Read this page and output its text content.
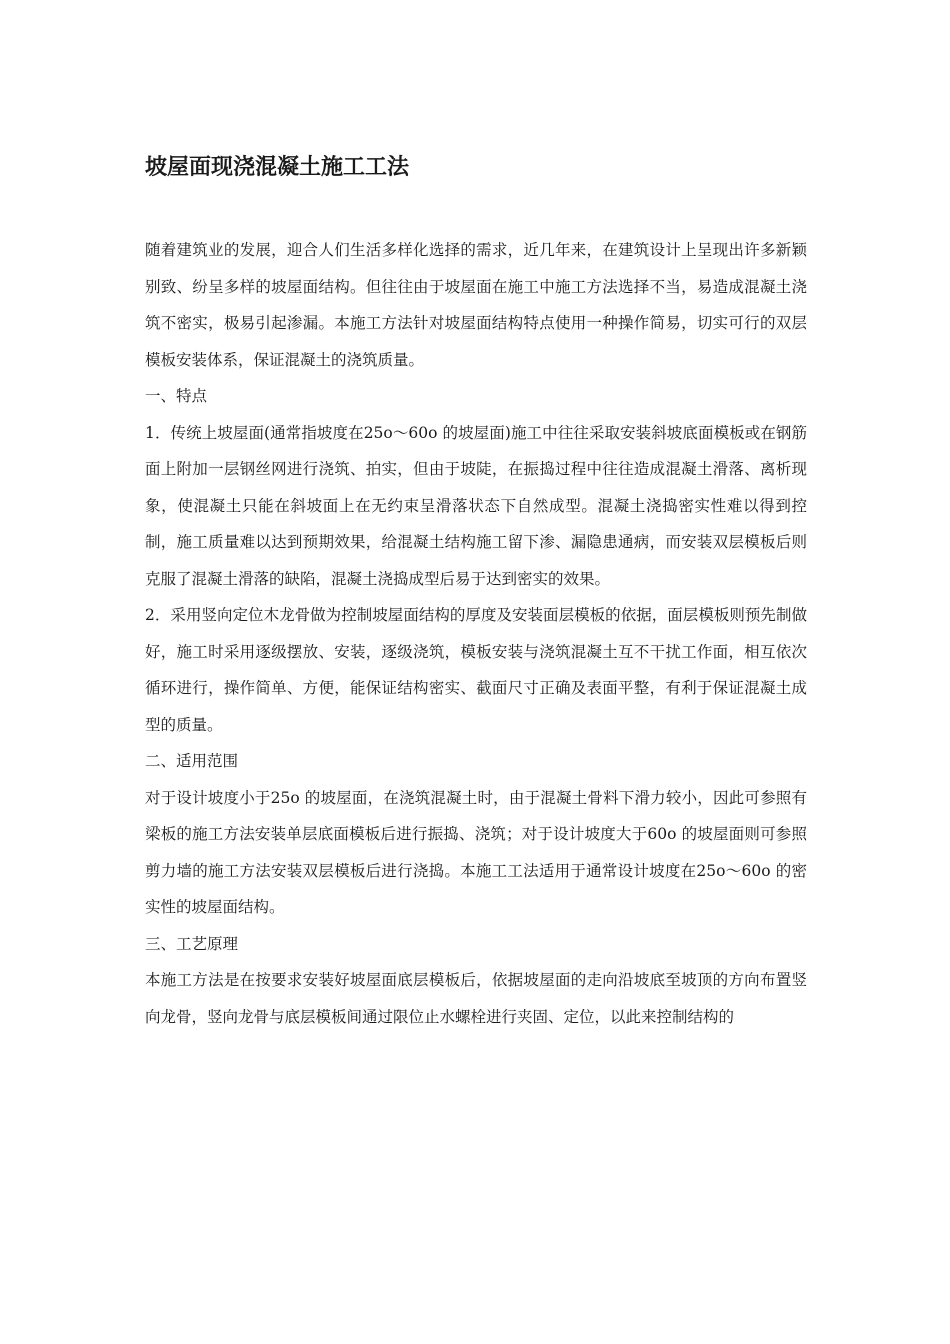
坡屋面现浇混凝土施工工法

随着建筑业的发展，迎合人们生活多样化选择的需求，近几年来，在建筑设计上呈现出许多新颖别致、纷呈多样的坡屋面结构。但往往由于坡屋面在施工中施工方法选择不当，易造成混凝土浇筑不密实，极易引起渗漏。本施工方法针对坡屋面结构特点使用一种操作简易，切实可行的双层模板安装体系，保证混凝土的浇筑质量。

一、特点

1．传统上坡屋面(通常指坡度在25o～60o 的坡屋面)施工中往往采取安装斜坡底面模板或在钢筋面上附加一层钢丝网进行浇筑、拍实，但由于坡陡，在振捣过程中往往造成混凝土滑落、离析现象，使混凝土只能在斜坡面上在无约束呈滑落状态下自然成型。混凝土浇捣密实性难以得到控制，施工质量难以达到预期效果，给混凝土结构施工留下渗、漏隐患通病，而安装双层模板后则克服了混凝土滑落的缺陷，混凝土浇捣成型后易于达到密实的效果。

2．采用竖向定位木龙骨做为控制坡屋面结构的厚度及安装面层模板的依据，面层模板则预先制做好，施工时采用逐级摆放、安装，逐级浇筑，模板安装与浇筑混凝土互不干扰工作面，相互依次循环进行，操作简单、方便，能保证结构密实、截面尺寸正确及表面平整，有利于保证混凝土成型的质量。

二、适用范围

对于设计坡度小于25o 的坡屋面，在浇筑混凝土时，由于混凝土骨料下滑力较小，因此可参照有梁板的施工方法安装单层底面模板后进行振捣、浇筑；对于设计坡度大于60o 的坡屋面则可参照剪力墙的施工方法安装双层模板后进行浇捣。本施工工法适用于通常设计坡度在25o～60o 的密实性的坡屋面结构。

三、工艺原理

本施工方法是在按要求安装好坡屋面底层模板后，依据坡屋面的走向沿坡底至坡顶的方向布置竖向龙骨，竖向龙骨与底层模板间通过限位止水螺栓进行夹固、定位，以此来控制结构的
